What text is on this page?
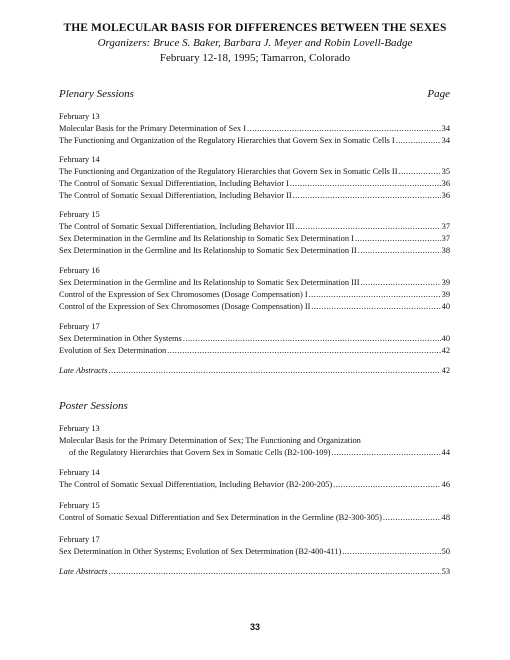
THE MOLECULAR BASIS FOR DIFFERENCES BETWEEN THE SEXES
Organizers: Bruce S. Baker, Barbara J. Meyer and Robin Lovell-Badge
February 12-18, 1995; Tamarron, Colorado
Plenary Sessions	Page
February 13
Molecular Basis for the Primary Determination of Sex I .....	34
The Functioning and Organization of the Regulatory Hierarchies that Govern Sex in Somatic Cells I .....	34
February 14
The Functioning and Organization of the Regulatory Hierarchies that Govern Sex in Somatic Cells II .....	35
The Control of Somatic Sexual Differentiation, Including Behavior I .....	36
The Control of Somatic Sexual Differentiation, Including Behavior II .....	36
February 15
The Control of Somatic Sexual Differentiation, Including Behavior III .....	37
Sex Determination in the Germline and Its Relationship to Somatic Sex Determination I .....	37
Sex Determination in the Germline and Its Relationship to Somatic Sex Determination II .....	38
February 16
Sex Determination in the Germline and Its Relationship to Somatic Sex Determination III .....	39
Control of the Expression of Sex Chromosomes (Dosage Compensation) I .....	39
Control of the Expression of Sex Chromosomes (Dosage Compensation) II .....	40
February 17
Sex Determination in Other Systems .....	40
Evolution of Sex Determination .....	42
Late Abstracts .....	42
Poster Sessions
February 13
Molecular Basis for the Primary Determination of Sex; The Functioning and Organization
of the Regulatory Hierarchies that Govern Sex in Somatic Cells (B2-100-109) .....	44
February 14
The Control of Somatic Sexual Differentiation, Including Behavior (B2-200-205) .....	46
February 15
Control of Somatic Sexual Differentiation and Sex Determination in the Germline (B2-300-305) .....	48
February 17
Sex Determination in Other Systems; Evolution of Sex Determination (B2-400-411) .....	50
Late Abstracts .....	53
33
